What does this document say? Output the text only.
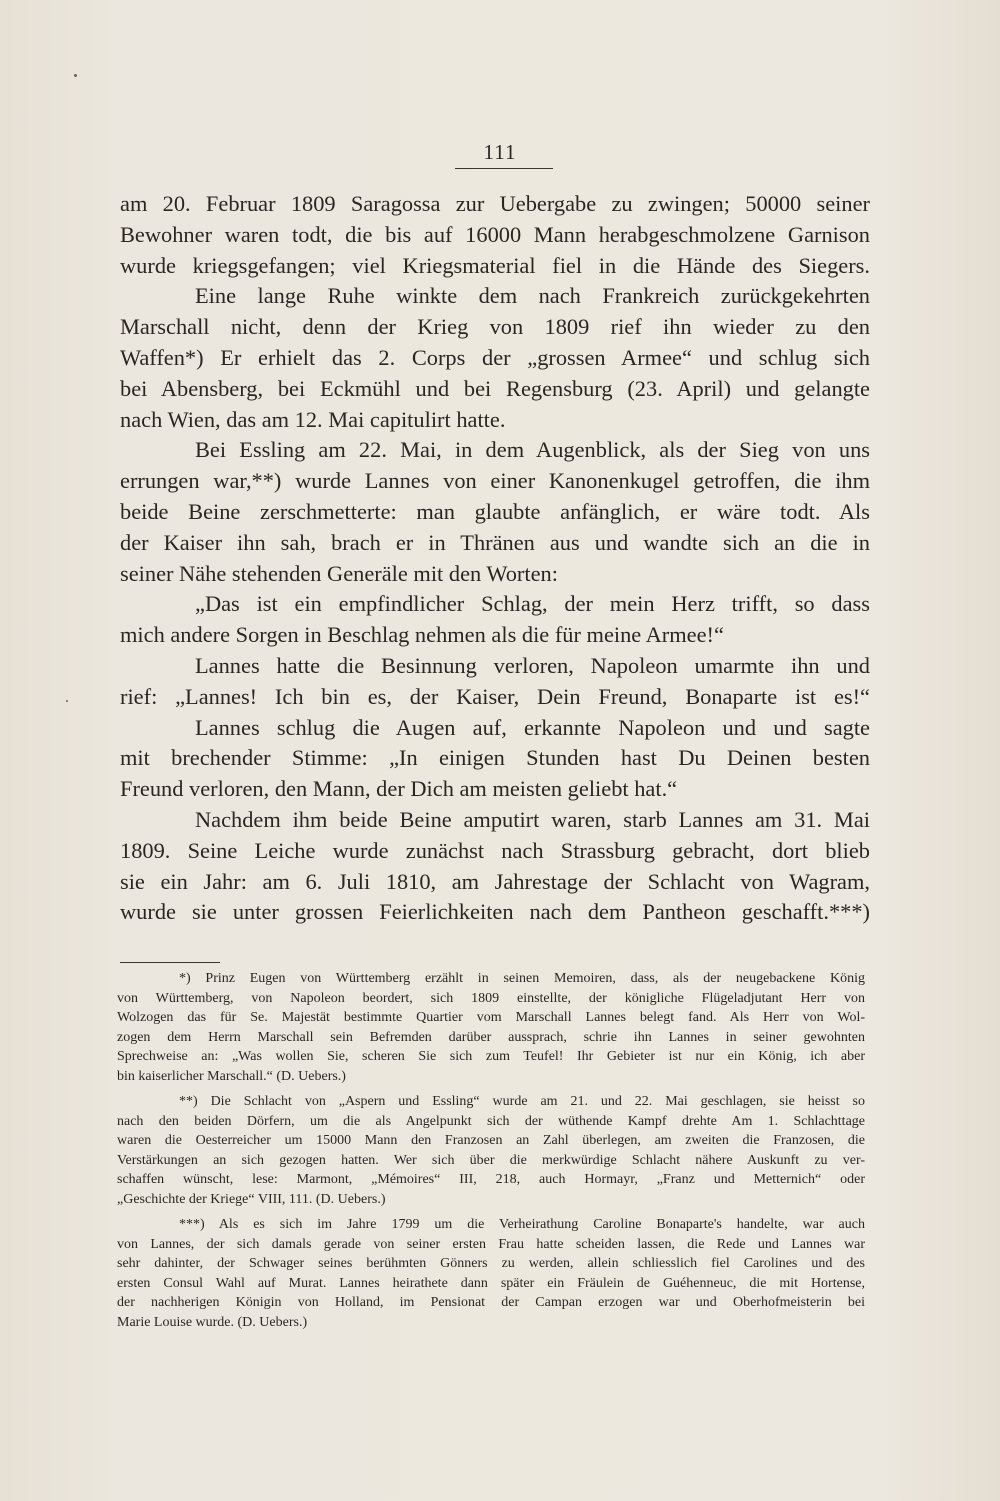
111
am 20. Februar 1809 Saragossa zur Uebergabe zu zwingen; 50000 seiner
Bewohner waren todt, die bis auf 16000 Mann herabgeschmolzene Garnison
wurde kriegsgefangen; viel Kriegsmaterial fiel in die Hände des Siegers.
Eine lange Ruhe winkte dem nach Frankreich zurückgekehrten
Marschall nicht, denn der Krieg von 1809 rief ihn wieder zu den
Waffen*) Er erhielt das 2. Corps der „grossen Armee“ und schlug sich
bei Abensberg, bei Eckmühl und bei Regensburg (23. April) und gelangte
nach Wien, das am 12. Mai capitulirt hatte.
Bei Essling am 22. Mai, in dem Augenblick, als der Sieg von uns
errungen war,**) wurde Lannes von einer Kanonenkugel getroffen, die ihm
beide Beine zerschmetterte: man glaubte anfänglich, er wäre todt. Als
der Kaiser ihn sah, brach er in Thränen aus und wandte sich an die in
seiner Nähe stehenden Generäle mit den Worten:
„Das ist ein empfindlicher Schlag, der mein Herz trifft, so dass
mich andere Sorgen in Beschlag nehmen als die für meine Armee!“
Lannes hatte die Besinnung verloren, Napoleon umarmte ihn und
rief: „Lannes! Ich bin es, der Kaiser, Dein Freund, Bonaparte ist es!“
Lannes schlug die Augen auf, erkannte Napoleon und und sagte
mit brechender Stimme: „In einigen Stunden hast Du Deinen besten
Freund verloren, den Mann, der Dich am meisten geliebt hat.“
Nachdem ihm beide Beine amputirt waren, starb Lannes am 31. Mai
1809. Seine Leiche wurde zunächst nach Strassburg gebracht, dort blieb
sie ein Jahr: am 6. Juli 1810, am Jahrestage der Schlacht von Wagram,
wurde sie unter grossen Feierlichkeiten nach dem Pantheon geschafft.***)
*) Prinz Eugen von Württemberg erzählt in seinen Memoiren, dass, als der neugebackene König
von Württemberg, von Napoleon beordert, sich 1809 einstellte, der königliche Flügeladjutant Herr von
Wolzogen das für Se. Majestät bestimmte Quartier vom Marschall Lannes belegt fand. Als Herr von Wol-
zogen dem Herrn Marschall sein Befremden darüber aussprach, schrie ihn Lannes in seiner gewohnten
Sprechweise an: „Was wollen Sie, scheren Sie sich zum Teufel! Ihr Gebieter ist nur ein König, ich aber
bin kaiserlicher Marschall.“ (D. Uebers.)
**) Die Schlacht von „Aspern und Essling“ wurde am 21. und 22. Mai geschlagen, sie heisst so
nach den beiden Dörfern, um die als Angelpunkt sich der wüthende Kampf drehte Am 1. Schlachttage
waren die Oesterreicher um 15000 Mann den Franzosen an Zahl überlegen, am zweiten die Franzosen, die
Verstärkungen an sich gezogen hatten. Wer sich über die merkwürdige Schlacht nähere Auskunft zu ver-
schaffen wünscht, lese: Marmont, „Mémoires“ III, 218, auch Hormayr, „Franz und Metternich“ oder
„Geschichte der Kriege“ VIII, 111. (D. Uebers.)
***) Als es sich im Jahre 1799 um die Verheirathung Caroline Bonaparte's handelte, war auch
von Lannes, der sich damals gerade von seiner ersten Frau hatte scheiden lassen, die Rede und Lannes war
sehr dahinter, der Schwager seines berühmten Gönners zu werden, allein schliesslich fiel Carolines und des
ersten Consul Wahl auf Murat. Lannes heirathete dann später ein Fräulein de Guéhenneuc, die mit Hortense,
der nachherigen Königin von Holland, im Pensionat der Campan erzogen war und Oberhofmeisterin bei
Marie Louise wurde. (D. Uebers.)
